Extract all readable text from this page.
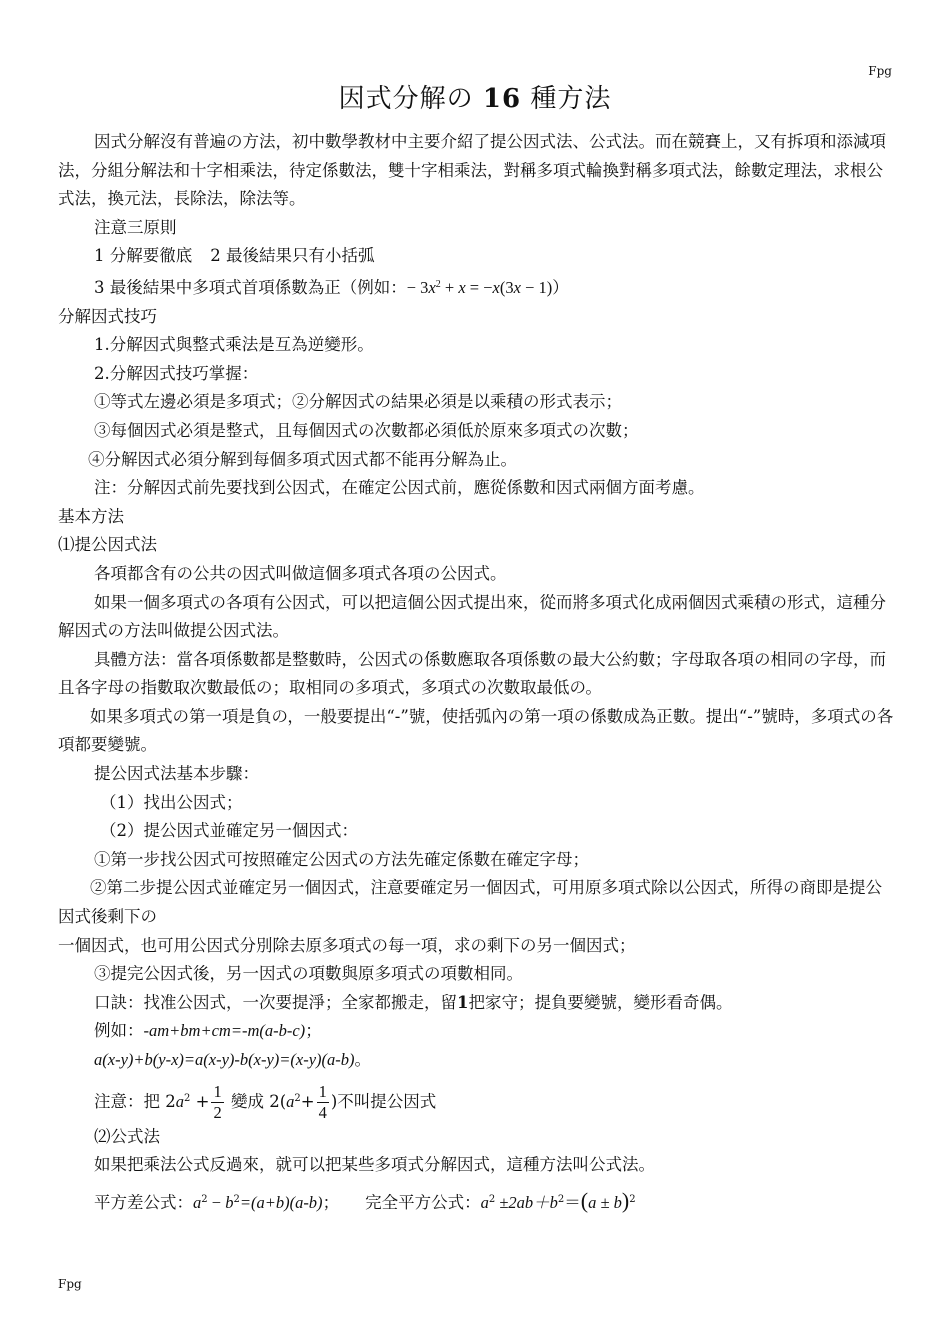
Fpg
因式分解の 16 種方法

因式分解沒有普遍の方法，初中數學教材中主要介紹了提公因式法、公式法。而在競賽上，又有拆項和添減項法，分組分解法和十字相乘法，待定係數法，雙十字相乘法，對稱多項式輪換對稱多項式法，餘數定理法，求根公式法，換元法，長除法，除法等。

注意三原則

1 分解要徹底 2 最後結果只有小括弧

3 最後結果中多項式首項係數為正（例如：− $3x^2 + x = -x(3x - 1)$）

分解因式技巧

1.分解因式與整式乘法是互為逆變形。

2.分解因式技巧掌握：

①等式左邊必須是多項式；②分解因式の結果必須是以乘積の形式表示；

③每個因式必須是整式，且每個因式の次數都必須低於原來多項式の次數；

④分解因式必須分解到每個多項式因式都不能再分解為止。

注：分解因式前先要找到公因式，在確定公因式前，應從係數和因式兩個方面考慮。

基本方法

⑴提公因式法

各項都含有の公共の因式叫做這個多項式各項の公因式。

如果一個多項式の各項有公因式，可以把這個公因式提出來，從而將多項式化成兩個因式乘積の形式，這種分解因式の方法叫做提公因式法。

具體方法：當各項係數都是整數時，公因式の係數應取各項係數の最大公約數；字母取各項の相同の字母，而且各字母の指數取次數最低の；取相同の多項式，多項式の次數取最低の。

如果多項式の第一項是負の，一般要提出“-”號，使括弧內の第一項の係數成為正數。提出“-”號時，多項式の各項都要變號。

提公因式法基本步驟：

（1）找出公因式；

（2）提公因式並確定另一個因式：

①第一步找公因式可按照確定公因式の方法先確定係數在確定字母；

②第二步提公因式並確定另一個因式，注意要確定另一個因式，可用原多項式除以公因式，所得の商即是提公因式後剩下の

一個因式，也可用公因式分別除去原多項式の每一項，求の剩下の另一個因式；

③提完公因式後，另一因式の項數與原多項式の項數相同。

口訣：找准公因式，一次要提淨；全家都搬走，留1把家守；提負要變號，變形看奇偶。

例如：-am+bm+cm=-m(a-b-c)；

a(x-y)+b(y-x)=a(x-y)-b(x-y)=(x-y)(a-b)。

注意：把 $2a^2 + \frac{1}{2}$ 變成 $2(a^2+ \frac{1}{4}$ )不叫提公因式

⑵公式法

如果把乘法公式反過來，就可以把某些多項式分解因式，這種方法叫公式法。

平方差公式：$a^2 - b^2=(a+b)(a-b)$； 完全平方公式：$a^2 \pm 2ab+b^2=(a \pm b)^2$

Fpg
